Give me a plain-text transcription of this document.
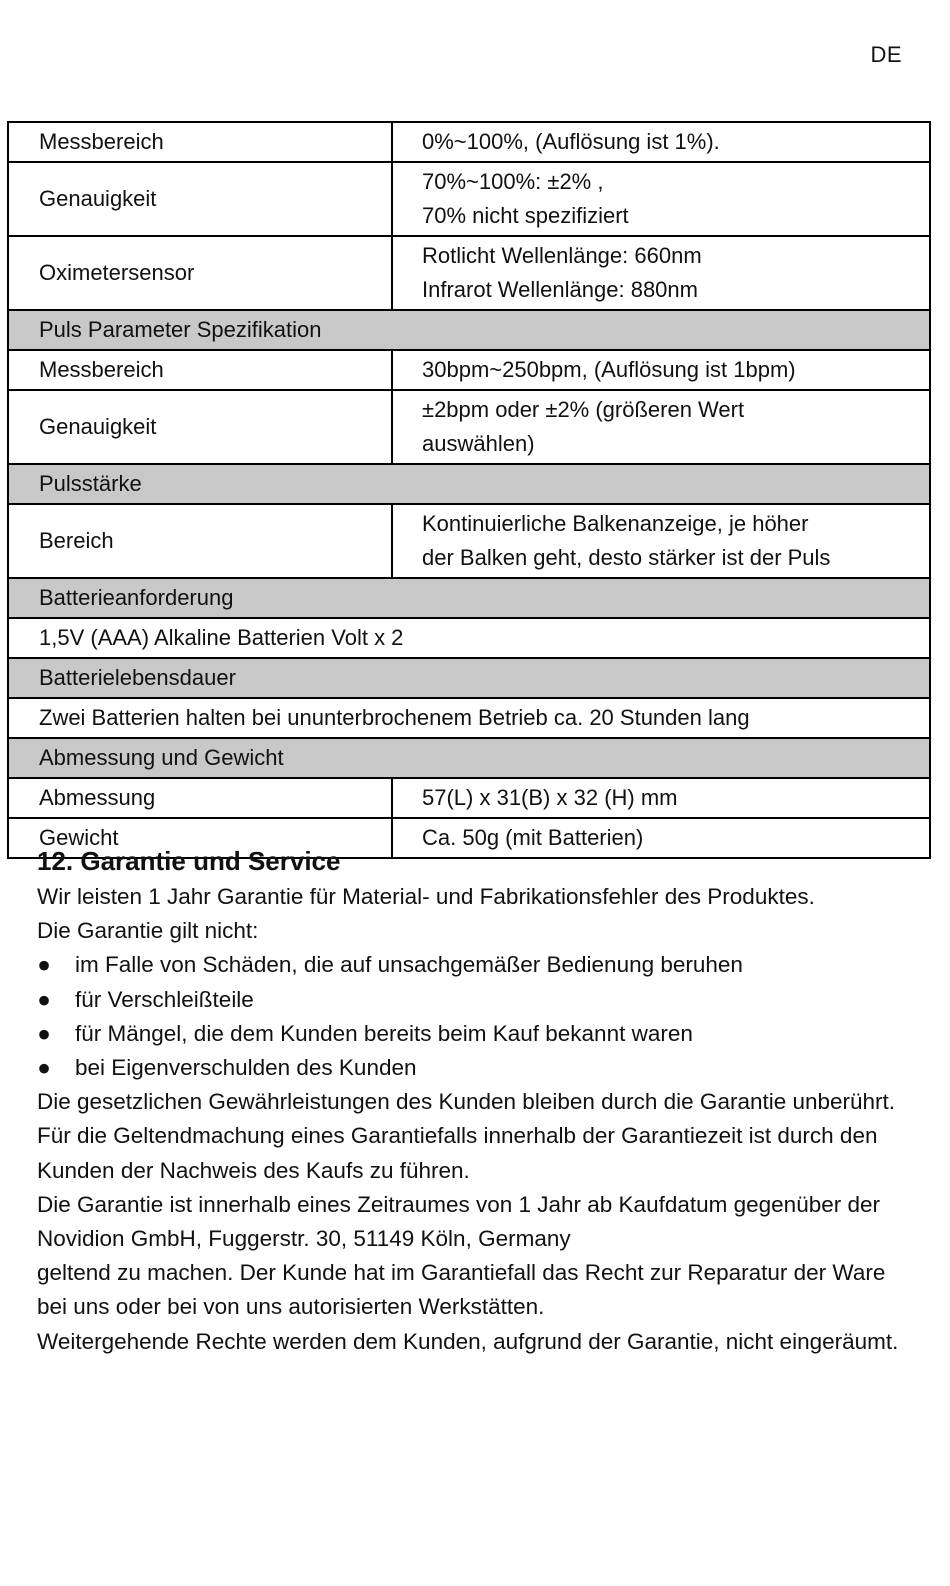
DE
Messbereich	0%~100%, (Auflösung ist 1%).
Genauigkeit	70%~100%: ±2% ,
70% nicht spezifiziert
Oximetersensor	Rotlicht Wellenlänge: 660nm
Infrarot Wellenlänge: 880nm
Puls Parameter Spezifikation	
Messbereich	30bpm~250bpm, (Auflösung ist 1bpm)
Genauigkeit	±2bpm oder ±2% (größeren Wert
auswählen)
Pulsstärke	
Bereich	Kontinuierliche Balkenanzeige, je höher
der Balken geht, desto stärker ist der Puls
Batterieanforderung	
1,5V (AAA) Alkaline Batterien Volt x 2	
Batterielebensdauer	
Zwei Batterien halten bei ununterbrochenem Betrieb ca. 20 Stunden lang	
Abmessung und Gewicht	
Abmessung	57(L) x 31(B) x 32 (H) mm
Gewicht	Ca. 50g (mit Batterien)
12. Garantie und Service

Wir leisten 1 Jahr Garantie für Material- und Fabrikationsfehler des Produktes.

Die Garantie gilt nicht:

● im Falle von Schäden, die auf unsachgemäßer Bedienung beruhen
● für Verschleißteile
● für Mängel, die dem Kunden bereits beim Kauf bekannt waren
● bei Eigenverschulden des Kunden

Die gesetzlichen Gewährleistungen des Kunden bleiben durch die Garantie unberührt.

Für die Geltendmachung eines Garantiefalls innerhalb der Garantiezeit ist durch den Kunden der Nachweis des Kaufs zu führen.

Die Garantie ist innerhalb eines Zeitraumes von 1 Jahr ab Kaufdatum gegenüber der

Novidion GmbH, Fuggerstr. 30, 51149 Köln, Germany

geltend zu machen. Der Kunde hat im Garantiefall das Recht zur Reparatur der Ware bei uns oder bei von uns autorisierten Werkstätten.

Weitergehende Rechte werden dem Kunden, aufgrund der Garantie, nicht eingeräumt.
